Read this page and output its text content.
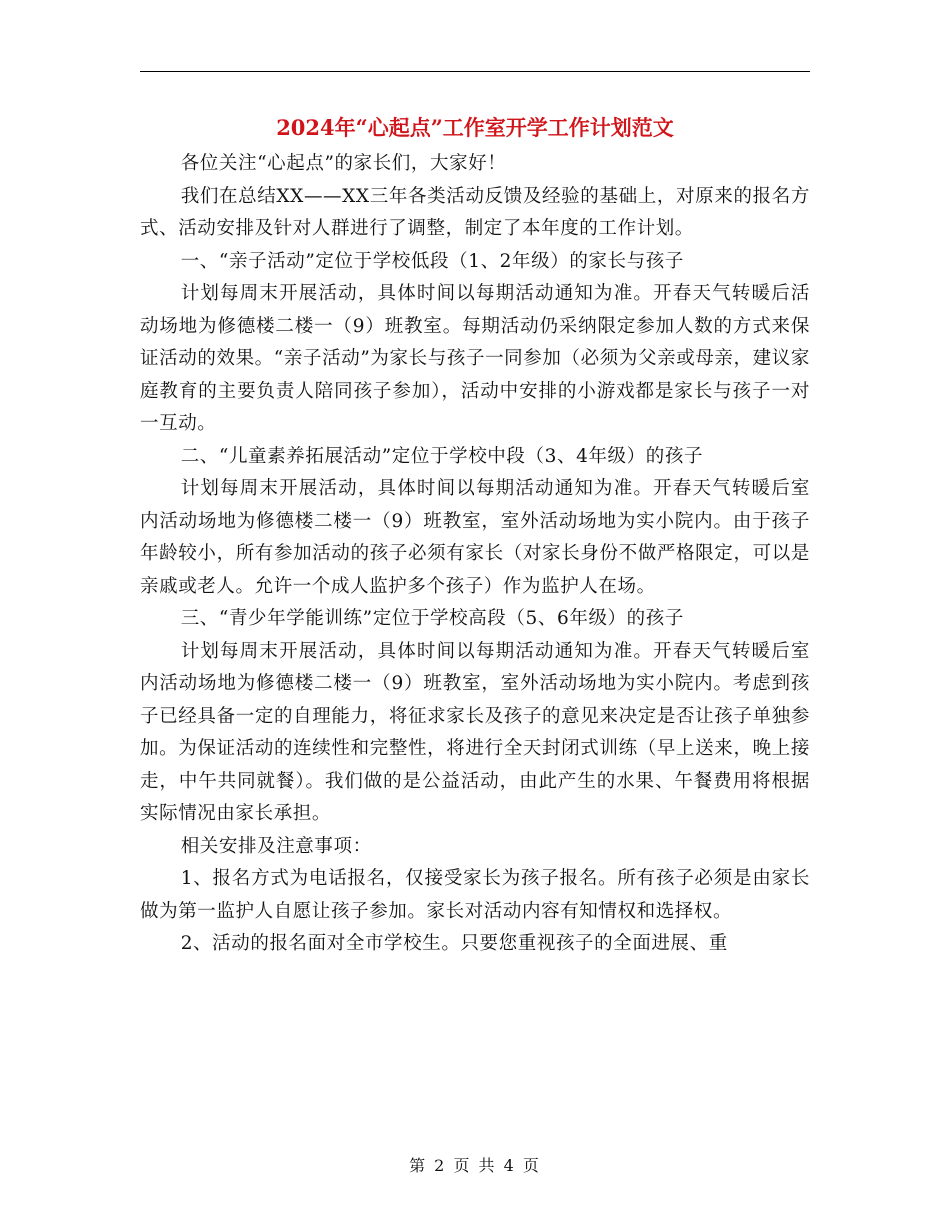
2024年“心起点”工作室开学工作计划范文

各位关注“心起点”的家长们，大家好！

我们在总结XX——XX三年各类活动反馈及经验的基础上，对原来的报名方式、活动安排及针对人群进行了调整，制定了本年度的工作计划。

一、“亲子活动”定位于学校低段（1、2年级）的家长与孩子

计划每周末开展活动，具体时间以每期活动通知为准。开春天气转暖后活动场地为修德楼二楼一（9）班教室。每期活动仍采纳限定参加人数的方式来保证活动的效果。“亲子活动”为家长与孩子一同参加（必须为父亲或母亲，建议家庭教育的主要负责人陪同孩子参加），活动中安排的小游戏都是家长与孩子一对一互动。

二、“儿童素养拓展活动”定位于学校中段（3、4年级）的孩子

计划每周末开展活动，具体时间以每期活动通知为准。开春天气转暖后室内活动场地为修德楼二楼一（9）班教室，室外活动场地为实小院内。由于孩子年龄较小，所有参加活动的孩子必须有家长（对家长身份不做严格限定，可以是亲戚或老人。允许一个成人监护多个孩子）作为监护人在场。

三、“青少年学能训练”定位于学校高段（5、6年级）的孩子

计划每周末开展活动，具体时间以每期活动通知为准。开春天气转暖后室内活动场地为修德楼二楼一（9）班教室，室外活动场地为实小院内。考虑到孩子已经具备一定的自理能力，将征求家长及孩子的意见来决定是否让孩子单独参加。为保证活动的连续性和完整性，将进行全天封闭式训练（早上送来，晚上接走，中午共同就餐）。我们做的是公益活动，由此产生的水果、午餐费用将根据实际情况由家长承担。

相关安排及注意事项：

1、报名方式为电话报名，仅接受家长为孩子报名。所有孩子必须是由家长做为第一监护人自愿让孩子参加。家长对活动内容有知情权和选择权。

2、活动的报名面对全市学校生。只要您重视孩子的全面进展、重

第 2 页 共 4 页
